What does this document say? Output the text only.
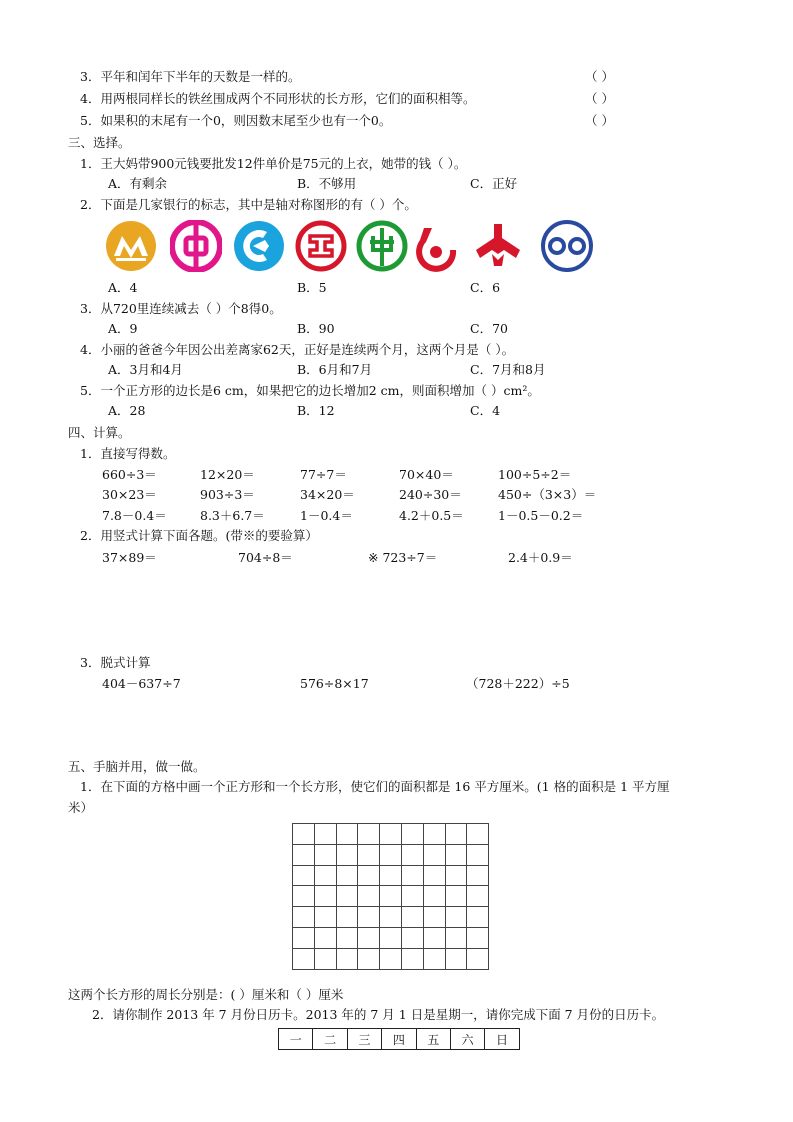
3．平年和闰年下半年的天数是一样的。	（ ）
4．用两根同样长的铁丝围成两个不同形状的长方形，它们的面积相等。	（ ）
5．如果积的末尾有一个0，则因数末尾至少也有一个0。	（ ）
三、选择。
1．王大妈带900元钱要批发12件单价是75元的上衣，她带的钱（ ）。
A．有剩余	B．不够用	C．正好
2．下面是几家银行的标志，其中是轴对称图形的有（ ）个。
A．4	B．5	C．6
3．从720里连续减去（ ）个8得0。
A．9	B．90	C．70
4．小丽的爸爸今年因公出差离家62天，正好是连续两个月，这两个月是（ ）。
A．3月和4月	B．6月和7月	C．7月和8月
5．一个正方形的边长是6 cm，如果把它的边长增加2 cm，则面积增加（ ）cm²。
A．28	B．12	C．4
四、计算。
1．直接写得数。
660÷3＝	12×20＝	77÷7＝	70×40＝	100÷5÷2＝
30×23＝	903÷3＝	34×20＝	240÷30＝	450÷（3×3）＝
7.8－0.4＝	8.3＋6.7＝	1－0.4＝	4.2＋0.5＝	1－0.5－0.2＝
2．用竖式计算下面各题。(带※的要验算）
37×89＝	704÷8＝	※ 723÷7＝	2.4＋0.9＝
3．脱式计算
404－637÷7	576÷8×17	（728＋222）÷5
五、手脑并用，做一做。
1．在下面的方格中画一个正方形和一个长方形，使它们的面积都是 16 平方厘米。(1 格的面积是 1 平方厘
米）

这两个长方形的周长分别是：( ）厘米和（ ）厘米
2．请你制作 2013 年 7 月份日历卡。2013 年的 7 月 1 日是星期一，请你完成下面 7 月份的日历卡。
一	二	三	四	五	六	日
